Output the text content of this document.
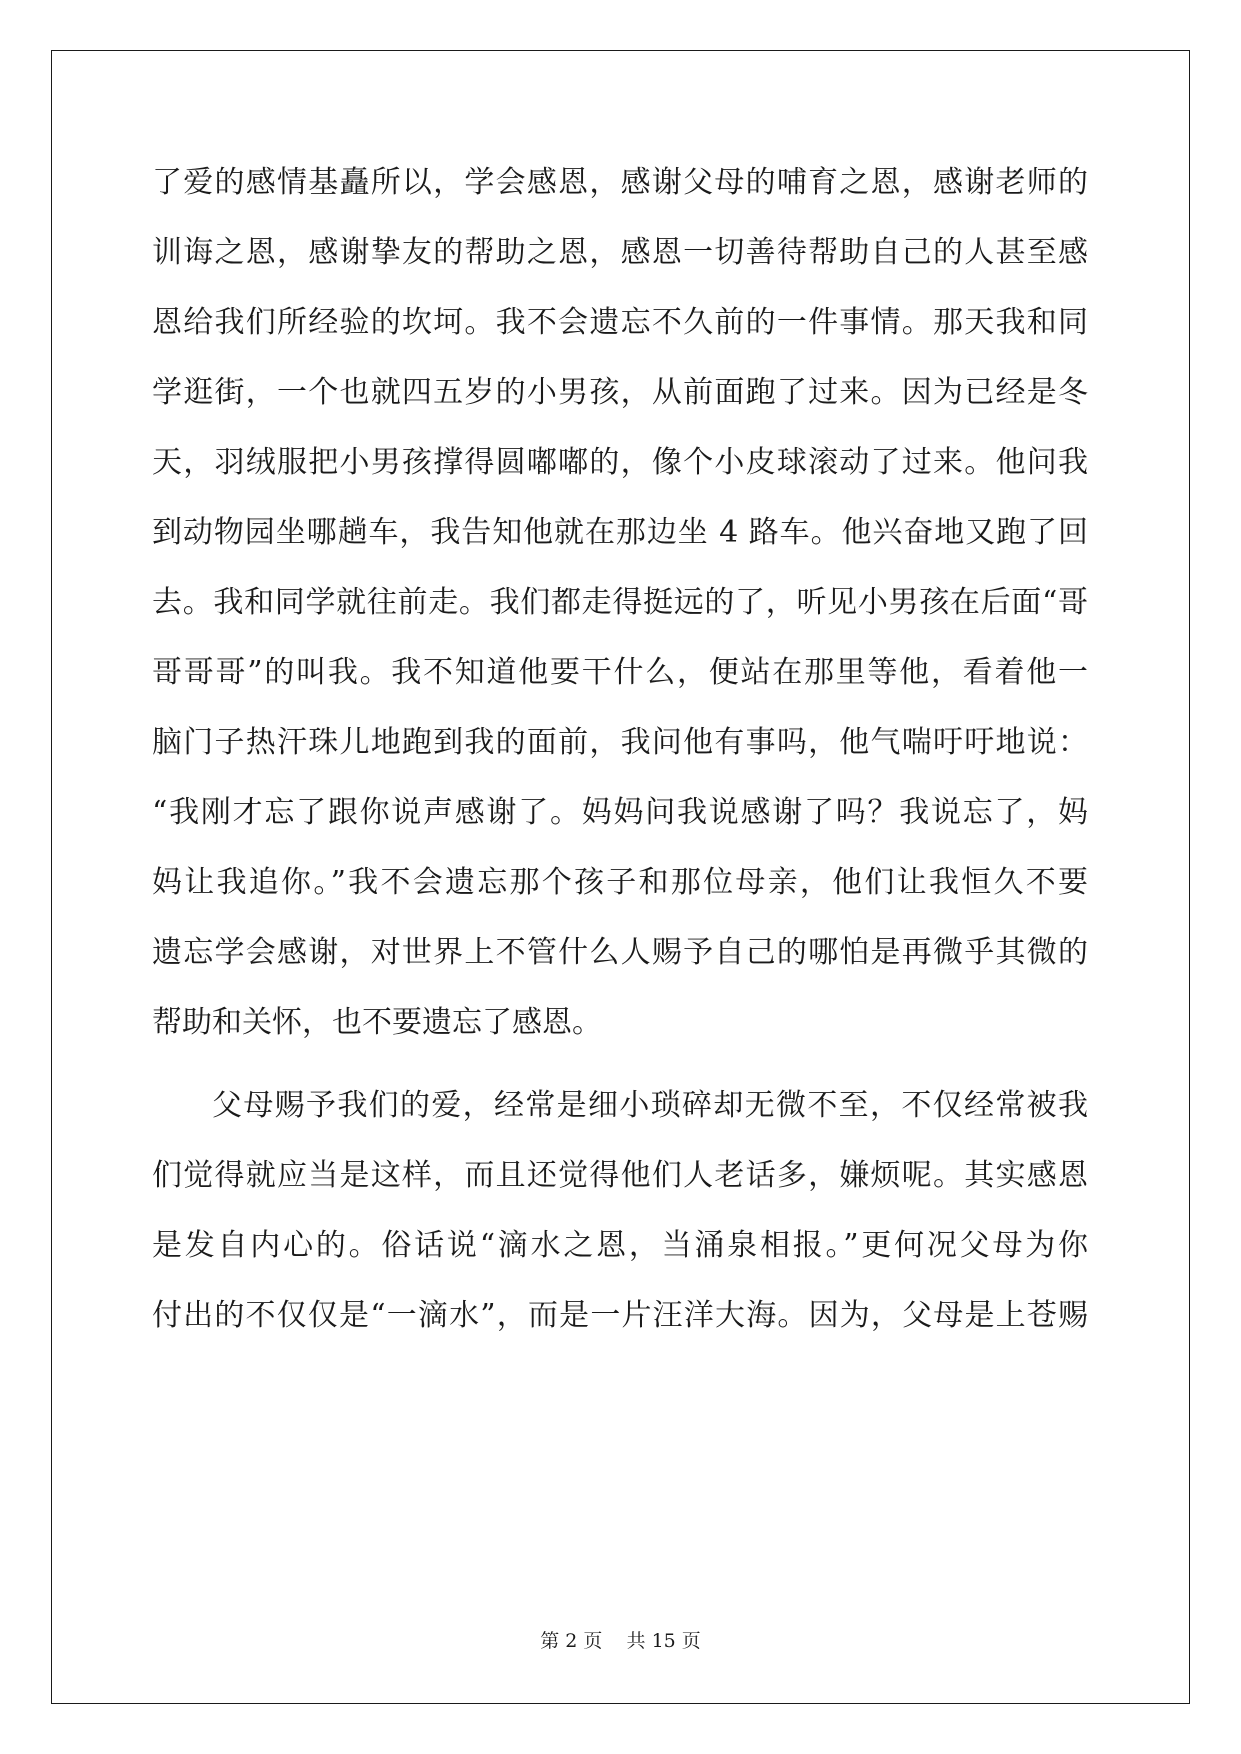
了爱的感情基矗所以，学会感恩，感谢父母的哺育之恩，感谢老师的
训诲之恩，感谢挚友的帮助之恩，感恩一切善待帮助自己的人甚至感
恩给我们所经验的坎坷。我不会遗忘不久前的一件事情。那天我和同
学逛街，一个也就四五岁的小男孩，从前面跑了过来。因为已经是冬
天，羽绒服把小男孩撑得圆嘟嘟的，像个小皮球滚动了过来。他问我
到动物园坐哪趟车，我告知他就在那边坐 4 路车。他兴奋地又跑了回
去。我和同学就往前走。我们都走得挺远的了，听见小男孩在后面“哥
哥哥哥”的叫我。我不知道他要干什么，便站在那里等他，看着他一
脑门子热汗珠儿地跑到我的面前，我问他有事吗，他气喘吁吁地说：
“我刚才忘了跟你说声感谢了。妈妈问我说感谢了吗？我说忘了，妈
妈让我追你。”我不会遗忘那个孩子和那位母亲，他们让我恒久不要
遗忘学会感谢，对世界上不管什么人赐予自己的哪怕是再微乎其微的
帮助和关怀，也不要遗忘了感恩。
父母赐予我们的爱，经常是细小琐碎却无微不至，不仅经常被我
们觉得就应当是这样，而且还觉得他们人老话多，嫌烦呢。其实感恩
是发自内心的。俗话说“滴水之恩，当涌泉相报。”更何况父母为你
付出的不仅仅是“一滴水”，而是一片汪洋大海。因为，父母是上苍赐
第 2 页    共 15 页
